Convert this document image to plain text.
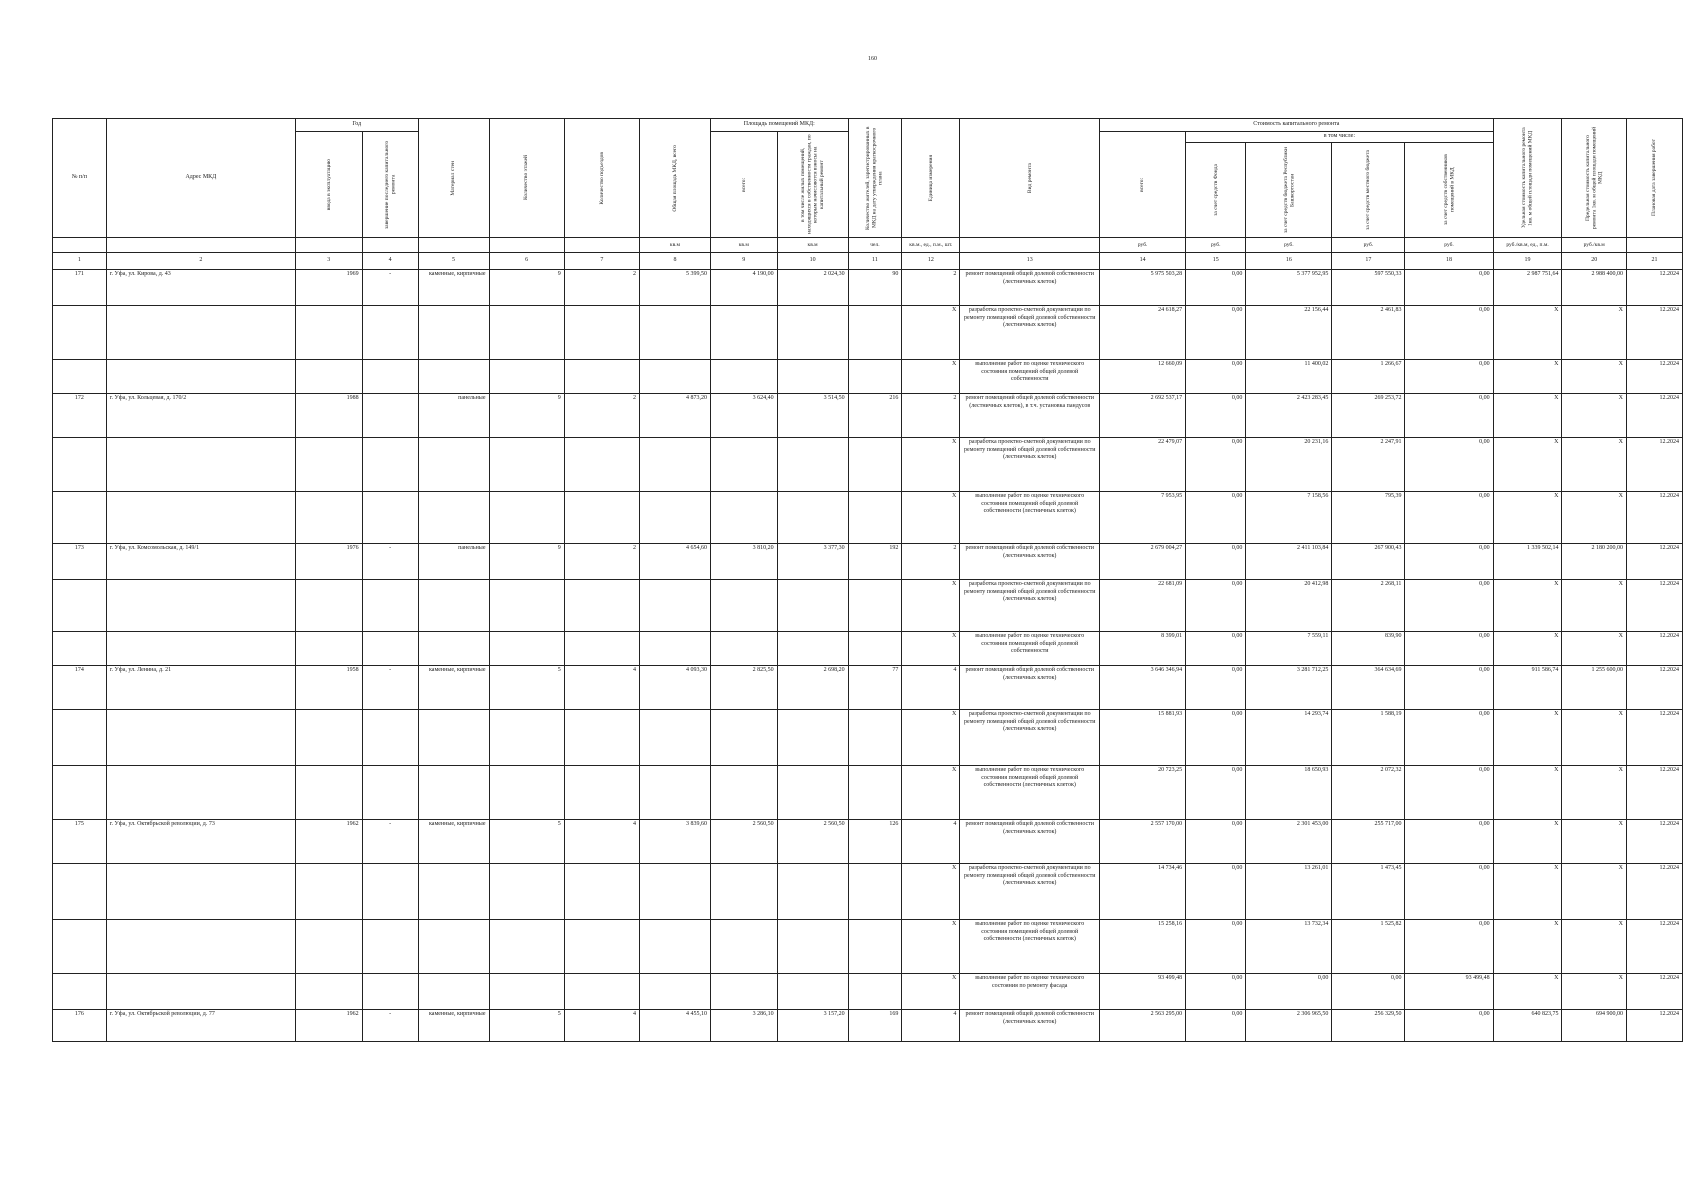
160
№ п/п	Адрес МКД	Год		Материал стен	Количество этажей	Количество подъездов	Общая площадь МКД, всего	Площадь помещений МКД:		Количество жителей, зарегистрированных в МКД на дату утверждения краткосрочного плана	Единица измерения	Вид ремонта	Стоимость капитального ремонта					Удельная стоимость капитального ремонта 1кв. м общей площади помещений МКД	Предельная стоимость капитального ремонта 1кв. м общей площади помещений МКД	Плановая дата завершения работ

		ввода в эксплуатацию	завершение последнего капитального ремонта					всего:	в том числе жилых помещений, находящихся в собственности граждан, по которым начисляются взносы на капитальный ремонт				всего:	в том числе:						

														за счет средств Фонда	за счет средств бюджета Республики Башкортостан	за счет средств местного бюджета	за счет средств собственников помещений в МКД			

							кв.м	кв.м	кв.м	чел.	кв.м., ед., п.м., шт.		руб.	руб.	руб.	руб.	руб.	руб./кв.м, ед., п.м.	руб./кв.м	
1	2	3	4	5	6	7	8	9	10	11	12	13	14	15	16	17	18	19	20	21
171	г. Уфа, ул. Кирова, д. 43	1969	-	каменные, кирпичные	9	2	5 399,50	4 190,00	2 024,30	90	2	ремонт помещений общей долевой собственности (лестничных клеток)	5 975 503,28	0,00	5 377 952,95	597 550,33	0,00	2 987 751,64	2 988 400,00	12.2024
											X	разработка проектно-сметной документации по ремонту помещений общей долевой собственности (лестничных клеток)	24 618,27	0,00	22 156,44	2 461,83	0,00	X	X	12.2024
											X	выполнение работ по оценке технического состояния помещений общей долевой собственности	12 660,09	0,00	11 400,02	1 266,67	0,00	X	X	12.2024
172	г. Уфа, ул. Кольцевая, д. 170/2	1988		панельные	9	2	4 873,20	3 624,40	3 514,50	216	2	ремонт помещений общей долевой собственности (лестничных клеток), в т.ч. установка пандусов	2 692 537,17	0,00	2 423 283,45	269 253,72	0,00	X	X	12.2024
											X	разработка проектно-сметной документации по ремонту помещений общей долевой собственности (лестничных клеток)	22 479,07	0,00	20 231,16	2 247,91	0,00	X	X	12.2024
											X	выполнение работ по оценке технического состояния помещений общей долевой собственности (лестничных клеток)	7 953,95	0,00	7 158,56	795,39	0,00	X	X	12.2024
173	г. Уфа, ул. Комсомольская, д. 149/1	1976	-	панельные	9	2	4 654,60	3 810,20	3 377,30	192	2	ремонт помещений общей долевой собственности (лестничных клеток)	2 679 004,27	0,00	2 411 103,84	267 900,43	0,00	1 339 502,14	2 180 200,00	12.2024
											X	разработка проектно-сметной документации по ремонту помещений общей долевой собственности (лестничных клеток)	22 681,09	0,00	20 412,98	2 268,11	0,00	X	X	12.2024
											X	выполнение работ по оценке технического состояния помещений общей долевой собственности	8 399,01	0,00	7 559,11	839,90	0,00	X	X	12.2024
174	г. Уфа, ул. Ленина, д. 21	1958	-	каменные, кирпичные	5	4	4 093,30	2 825,50	2 698,20	77	4	ремонт помещений общей долевой собственности (лестничных клеток)	3 646 346,94	0,00	3 281 712,25	364 634,69	0,00	911 586,74	1 255 600,00	12.2024
											X	разработка проектно-сметной документации по ремонту помещений общей долевой собственности (лестничных клеток)	15 881,93	0,00	14 293,74	1 588,19	0,00	X	X	12.2024
											X	выполнение работ по оценке технического состояния помещений общей долевой собственности (лестничных клеток)	20 723,25	0,00	18 650,93	2 072,32	0,00	X	X	12.2024
175	г. Уфа, ул. Октябрьской революции, д. 73	1962	-	каменные, кирпичные	5	4	3 839,60	2 560,50	2 560,50	126	4	ремонт помещений общей долевой собственности (лестничных клеток)	2 557 170,00	0,00	2 301 453,00	255 717,00	0,00	X	X	12.2024
											X	разработка проектно-сметной документации по ремонту помещений общей долевой собственности (лестничных клеток)	14 734,46	0,00	13 261,01	1 473,45	0,00	X	X	12.2024
											X	выполнение работ по оценке технического состояния помещений общей долевой собственности (лестничных клеток)	15 258,16	0,00	13 732,34	1 525,82	0,00	X	X	12.2024
											X	выполнение работ по оценке технического состояния по ремонту фасада	93 499,48	0,00	0,00	0,00	93 499,48	X	X	12.2024
176	г. Уфа, ул. Октябрьской революции, д. 77	1962	-	каменные, кирпичные	5	4	4 455,10	3 286,10	3 157,20	169	4	ремонт помещений общей долевой собственности (лестничных клеток)	2 563 295,00	0,00	2 306 965,50	256 329,50	0,00	640 823,75	694 900,00	12.2024
